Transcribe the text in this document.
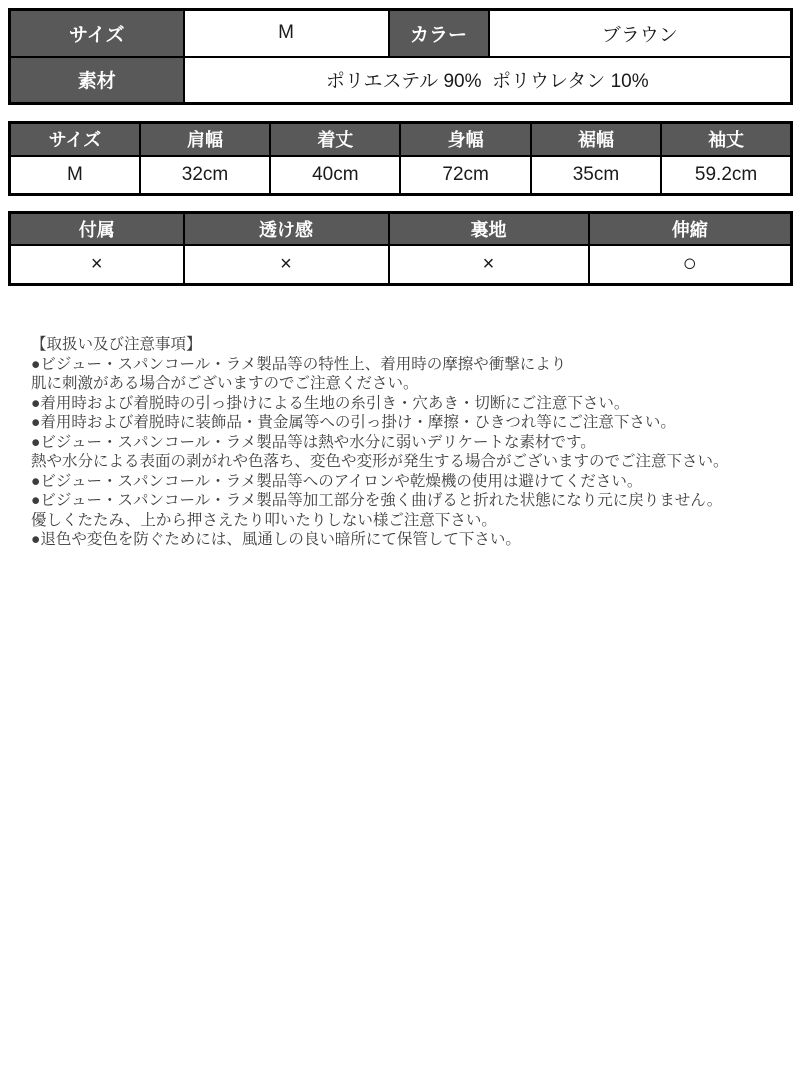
サイズ	M	カラー	ブラウン
素材	ポリエステル 90%  ポリウレタン 10%		
サイズ	肩幅	着丈	身幅	裾幅	袖丈
M	32cm	40cm	72cm	35cm	59.2cm
付属	透け感	裏地	伸縮
×	×	×	○
【取扱い及び注意事項】
●ビジュー・スパンコール・ラメ製品等の特性上、着用時の摩擦や衝撃により
肌に刺激がある場合がございますのでご注意ください。
●着用時および着脱時の引っ掛けによる生地の糸引き・穴あき・切断にご注意下さい。
●着用時および着脱時に装飾品・貴金属等への引っ掛け・摩擦・ひきつれ等にご注意下さい。
●ビジュー・スパンコール・ラメ製品等は熱や水分に弱いデリケートな素材です。
熱や水分による表面の剥がれや色落ち、変色や変形が発生する場合がございますのでご注意下さい。
●ビジュー・スパンコール・ラメ製品等へのアイロンや乾燥機の使用は避けてください。
●ビジュー・スパンコール・ラメ製品等加工部分を強く曲げると折れた状態になり元に戻りません。
優しくたたみ、上から押さえたり叩いたりしない様ご注意下さい。
●退色や変色を防ぐためには、風通しの良い暗所にて保管して下さい。
